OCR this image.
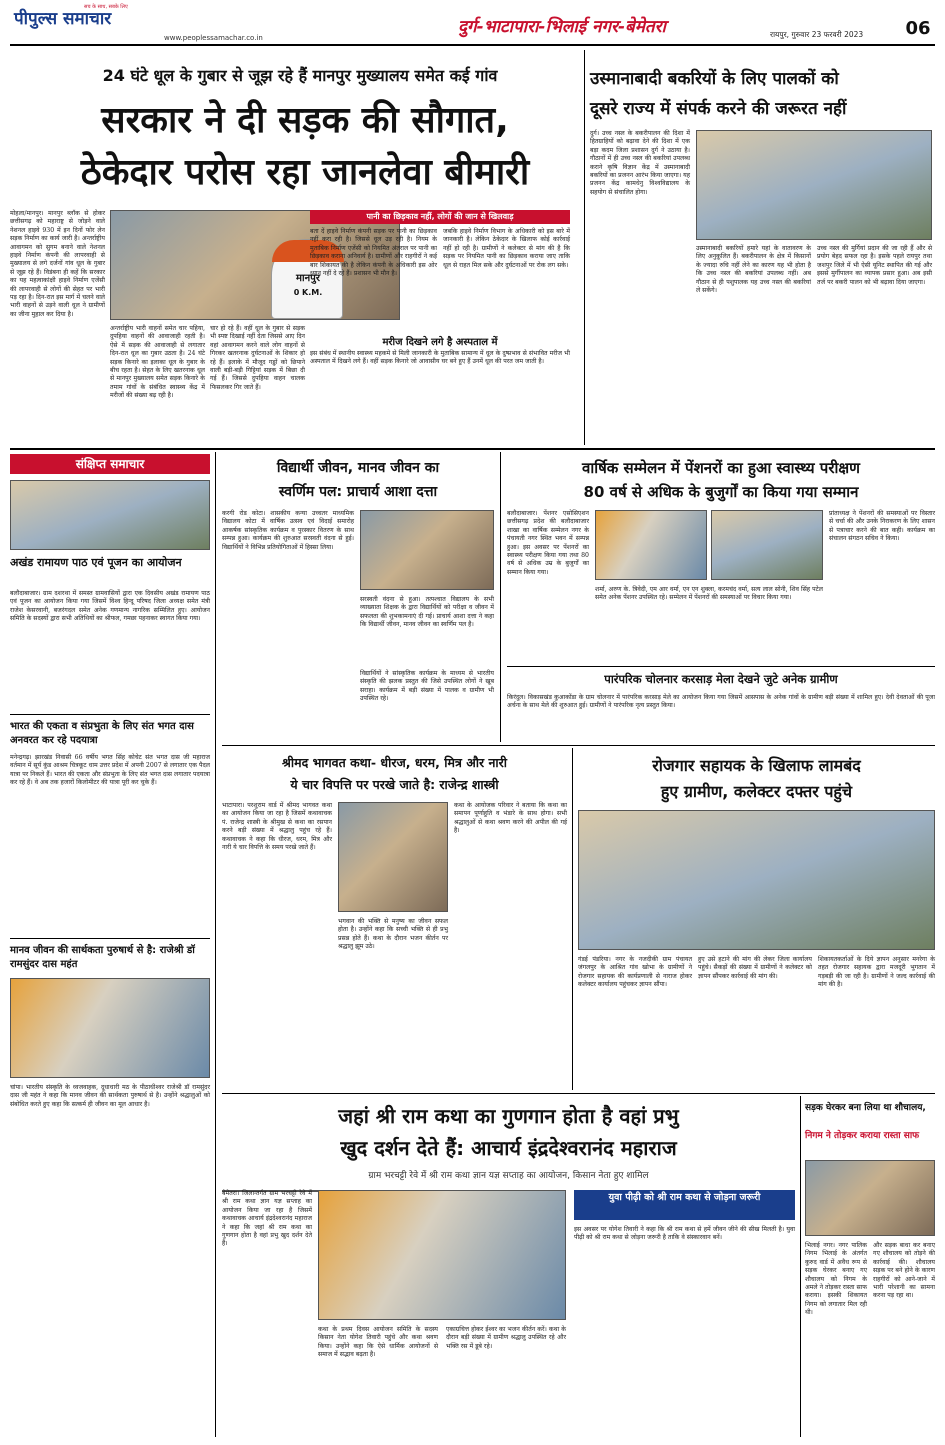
पीपुल्स समाचार
सच के साथ, सबके लिए
www.peoplessamachar.co.in
दुर्ग-भाटापारा-भिलाई नगर-बेमेतरा	रायपुर, गुरुवार 23 फरवरी 2023	06
24 घंटे धूल के गुबार से जूझ रहे हैं मानपुर मुख्यालय समेत कई गांव
सरकार ने दी सड़क की सौगात,
ठेकेदार परोस रहा जानलेवा बीमारी
मोहला/मानपुर। मानपुर ब्लॉक से होकर छत्तीसगढ़ को महाराष्ट्र से जोड़ने वाले नेशनल हाइवे 930 में इन दिनों फोर लेन सड़क निर्माण का कार्य जारी है। अन्तर्राष्ट्रीय आवागमन को सुगम बनाने वाले नेशनल हाइवे निर्माण कंपनी की लापरवाही से मुख्यालय से लगे दर्जनों गांव धूल के गुबार से जूझ रहे हैं। विडंबना ही कहें कि सरकार का यह महत्वाकांक्षी हाइवे निर्माण एजेंसी की लापरवाही से लोगों की सेहत पर भारी पड़ रहा है। दिन-रात इस मार्ग में चलने वाले भारी वाहनों से उड़ने वाली धूल ने ग्रामीणों का जीना मुहाल कर दिया है।
मानपुर
0 K.M.
अन्तर्राष्ट्रीय भारी वाहनों समेत चार पहिया, दुपहिया वाहनों की आवाजाही रहती है। ऐसे में सड़क की आवाजाही से लगातार दिन-रात धूल का गुबार उठता है। 24 घंटे सड़क किनारे का इलाका धूल के गुबार के बीच रहता है। सेहत के लिए खतरनाक धूल से मानपुर मुख्यालय समेत सड़क किनारे के तमाम गांवों के संबंधित स्वास्थ्य केंद्र में मरीजों की संख्या बढ़ रही है।
चार हो रहे हैं। वहीं धूल के गुबार से सड़क भी स्पष्ट दिखाई नहीं देता जिससे आए दिन वहां आवागमन करने वाले लोग वाहनों से गिरकर खतरनाक दुर्घटनाओं के शिकार हो रहे हैं। इलाके में मौजूद गड्ढों को छिपाने वाली बड़ी-बड़ी गिट्टियां सड़क में बिछा दी गई हैं। जिससे दुपहिया वाहन चालक फिसलकर गिर जाते हैं।
पानी का छिड़काव नहीं, लोगों की जान से खिलवाड़
बता दें हाइवे निर्माण कंपनी सड़क पर पानी का छिड़काव नहीं करा रही है। जिससे धूल उड़ रही है। नियम के मुताबिक निर्माण एजेंसी को नियमित अंतराल पर पानी का छिड़काव कराना अनिवार्य है। ग्रामीणों और राहगीरों ने कई बार शिकायत की है लेकिन कंपनी के अधिकारी इस ओर ध्यान नहीं दे रहे हैं। प्रशासन भी मौन है।
जबकि हाइवे निर्माण विभाग के अधिकारी को इस बारे में जानकारी है। लेकिन ठेकेदार के खिलाफ कोई कार्रवाई नहीं हो रही है। ग्रामीणों ने कलेक्टर से मांग की है कि सड़क पर नियमित पानी का छिड़काव कराया जाए ताकि धूल से राहत मिल सके और दुर्घटनाओं पर रोक लग सके।
मरीज दिखने लगे है अस्पताल में
इस संबंध में स्थानीय स्वास्थ्य महकमे से मिली जानकारी के मुताबिक सामान्य में धूल के दुष्प्रभाव से संभावित मरीज भी अस्पताल में दिखने लगे हैं। वहीं सड़क किनारे जो आवासीय घर बने हुए हैं उनमें धूल की परत जम जाती है।
उस्मानाबादी बकरियों के लिए पालकों को
दूसरे राज्य में संपर्क करने की जरूरत नहीं
दुर्ग। उच्च नस्ल के बकरीपालन की दिशा में हितग्राहियों को बढ़ावा देने की दिशा में एक बड़ा कदम जिला प्रशासन दुर्ग ने उठाया है। गौठानों में ही उच्च नस्ल की बकरियां उपलब्ध कराने कृषि विज्ञान केंद्र में उस्मानाबादी बकरियों का प्रजनन आरंभ किया जाएगा। यह प्रजनन केंद्र कामधेनु विश्वविद्यालय के सहयोग से संचालित होगा।
उस्मानाबादी बकरियों हमारे यहां के वातावरण के लिए अनुकूलित हैं। बकरीपालन के क्षेत्र में किसानों के ज्यादा रुचि नहीं लेने का कारण यह भी होता है कि उच्च नस्ल की बकरियां उपलब्ध नहीं। अब गौठान से ही पशुपालक यह उच्च नस्ल की बकरियां ले सकेंगे।
उच्च नस्ल की मुर्गियां प्रदान की जा रही हैं और से प्रयोग बेहद सफल रहा है। इसके पहले रायपुर तथा जशपुर जिले में भी ऐसी यूनिट स्थापित की गई और इससे मुर्गीपालन का व्यापक प्रसार हुआ। अब इसी तर्ज पर बकरी पालन को भी बढ़ावा दिया जाएगा।
संक्षिप्त समाचार
अखंड रामायण पाठ एवं पूजन का आयोजन
बलौदाबाजार। ग्राम दशरथा में समस्त ग्रामवासियों द्वारा एक दिवसीय अखंड रामायण पाठ एवं पूजन का आयोजन किया गया जिसमें विश्व हिन्दू परिषद जिला अध्यक्ष समेत मंत्री राजेश केसरवानी, बजरंगदल समेत अनेक गणमान्य नागरिक सम्मिलित हुए। आयोजन समिति के सदस्यों द्वारा सभी अतिथियों का श्रीफल, गमछा पहनाकर स्वागत किया गया।
भारत की एकता व संप्रभुता के लिए संत भगत दास अनवरत कर रहे पदयात्रा
मनेन्द्रगढ़। झारखंड निवासी 66 वर्षीय भगत सिंह कोचेट संत भगत दास जी महाराज वर्तमान में सूर्य कुंड आश्रम चित्रकूट धाम उत्तर प्रदेश में अपनी 2007 से लगातार एक पैदल यात्रा पर निकले हैं। भारत की एकता और संप्रभुता के लिए संत भगत दास लगातार पदयात्रा कर रहे हैं। वे अब तक हजारों किलोमीटर की यात्रा पूरी कर चुके हैं।
मानव जीवन की सार्थकता पुरुषार्थ से है: राजेश्री डॉ रामसुंदर दास महंत
चांपा। भारतीय संस्कृति के ध्वजवाहक, दूधाधारी मठ के पीठाधीश्वर राजेश्री डॉ रामसुंदर दास जी महंत ने कहा कि मानव जीवन की सार्थकता पुरुषार्थ से है। उन्होंने श्रद्धालुओं को संबोधित करते हुए कहा कि सत्कर्म ही जीवन का मूल आधार है।
विद्यार्थी जीवन, मानव जीवन का
स्वर्णिम पल: प्राचार्य आशा दत्ता
करगी रोड कोटा। शासकीय कन्या उच्चतर माध्यमिक विद्यालय कोटा में वार्षिक उत्सव एवं विदाई समारोह आकर्षक सांस्कृतिक कार्यक्रम व पुरस्कार वितरण के साथ सम्पन्न हुआ। कार्यक्रम की शुरुआत सरस्वती वंदना से हुई। विद्यार्थियों ने विभिन्न प्रतियोगिताओं में हिस्सा लिया।
सरस्वती वंदना से हुआ। तत्पश्चात विद्यालय के सभी व्याख्याता शिक्षक के द्वारा विद्यार्थियों को परीक्षा व जीवन में सफलता की शुभकामनाएं दी गई। प्राचार्य आशा दत्ता ने कहा कि विद्यार्थी जीवन, मानव जीवन का स्वर्णिम पल है।
विद्यार्थियों ने सांस्कृतिक कार्यक्रम के माध्यम से भारतीय संस्कृति की झलक प्रस्तुत की जिसे उपस्थित लोगों ने खूब सराहा। कार्यक्रम में बड़ी संख्या में पालक व ग्रामीण भी उपस्थित रहे।
वार्षिक सम्मेलन में पेंशनरों का हुआ स्वास्थ्य परीक्षण
80 वर्ष से अधिक के बुजुर्गों का किया गया सम्मान
बलौदाबाजार। पेंशनर एसोसिएशन छत्तीसगढ़ प्रदेश की बलौदाबाजार शाखा का वार्षिक सम्मेलन नगर के पंचायती नगर स्थित भवन में सम्पन्न हुआ। इस अवसर पर पेंशनरों का स्वास्थ्य परीक्षण किया गया तथा 80 वर्ष से अधिक उम्र के बुजुर्गों का सम्मान किया गया।
शर्मा, अरुण के. त्रिवेदी, एम आर वर्मा, एन एन शुक्ला, करमचंद वर्मा, सत्य लाल सोनी, शिव सिंह पटेल समेत अनेक पेंशनर उपस्थित रहे। सम्मेलन में पेंशनरों की समस्याओं पर विचार किया गया।
प्रांताध्यक्ष ने पेंशनरों की समस्याओं पर विस्तार से चर्चा की और उनके निराकरण के लिए शासन से पत्राचार करने की बात कही। कार्यक्रम का संचालन संगठन सचिव ने किया।
पारंपरिक चोलनार करसाड़ मेला देखने जुटे अनेक ग्रामीण
किरंदुल। विकासखंड कुआकोंडा के ग्राम चोलनार में पारंपरिक करसाड़ मेले का आयोजन किया गया जिसमें आसपास के अनेक गांवों के ग्रामीण बड़ी संख्या में शामिल हुए। देवी देवताओं की पूजा अर्चना के साथ मेले की शुरुआत हुई। ग्रामीणों ने पारंपरिक नृत्य प्रस्तुत किया।
श्रीमद भागवत कथा- धीरज, धरम, मित्र और नारी
ये चार विपत्ति पर परखे जाते है: राजेन्द्र शास्त्री
भाटापारा। परशुराम वार्ड में श्रीमद भागवत कथा का आयोजन किया जा रहा है जिसमें कथावाचक पं. राजेन्द्र शास्त्री के श्रीमुख से कथा का रसपान करने बड़ी संख्या में श्रद्धालु पहुंच रहे हैं। कथावाचक ने कहा कि धीरज, धरम, मित्र और नारी ये चार विपत्ति के समय परखे जाते हैं।
भगवान की भक्ति से मनुष्य का जीवन सफल होता है। उन्होंने कहा कि सच्ची भक्ति से ही प्रभु प्रसन्न होते हैं। कथा के दौरान भजन कीर्तन पर श्रद्धालु झूम उठे।
कथा के आयोजक परिवार ने बताया कि कथा का समापन पूर्णाहुति व भंडारे के साथ होगा। सभी श्रद्धालुओं से कथा श्रवण करने की अपील की गई है।
रोजगार सहायक के खिलाफ लामबंद
हुए ग्रामीण, कलेक्टर दफ्तर पहुंचे
गंडई पंडरिया। नगर के नजदीकी ग्राम पंचायत जंगलपुर के आश्रित गांव खोभा के ग्रामीणों ने रोजगार सहायक की कार्यप्रणाली से नाराज होकर कलेक्टर कार्यालय पहुंचकर ज्ञापन सौंपा।
हुए उसे हटाने की मांग की लेकर जिला कार्यालय पहुंचे। सैकड़ों की संख्या में ग्रामीणों ने कलेक्टर को ज्ञापन सौंपकर कार्रवाई की मांग की।
शिकायतकर्ताओं के दिये ज्ञापन अनुसार मनरेगा के तहत रोजगार सहायक द्वारा मजदूरी भुगतान में गड़बड़ी की जा रही है। ग्रामीणों ने जल्द कार्रवाई की मांग की है।
जहां श्री राम कथा का गुणगान होता है वहां प्रभु
खुद दर्शन देते हैं: आचार्य इंद्रदेश्वरानंद महाराज
ग्राम भरचट्टी रेवे में श्री राम कथा ज्ञान यज्ञ सप्ताह का आयोजन, किसान नेता हुए शामिल
बेमेतरा। जिलान्तर्गत ग्राम भरचट्टी रेवे में श्री राम कथा ज्ञान यज्ञ सप्ताह का आयोजन किया जा रहा है जिसमें कथावाचक आचार्य इंद्रदेश्वरानंद महाराज ने कहा कि जहां श्री राम कथा का गुणगान होता है वहां प्रभु खुद दर्शन देते हैं।
कथा के प्रथम दिवस आयोजन समिति के सदस्य किसान नेता योगेश तिवारी पहुंचे और कथा श्रवण किया। उन्होंने कहा कि ऐसे धार्मिक आयोजनों से समाज में सद्भाव बढ़ता है।
एकाग्रचित्त होकर ईश्वर का भजन कीर्तन करें। कथा के दौरान बड़ी संख्या में ग्रामीण श्रद्धालु उपस्थित रहे और भक्ति रस में डूबे रहे।
युवा पीढ़ी को श्री राम कथा से जोड़ना जरूरी
इस अवसर पर योगेश तिवारी ने कहा कि श्री राम कथा से हमें जीवन जीने की सीख मिलती है। युवा पीढ़ी को श्री राम कथा से जोड़ना जरूरी है ताकि वे संस्कारवान बनें।
सड़क घेरकर बना लिया था शौचालय,
निगम ने तोड़कर कराया रास्ता साफ
भिलाई नगर। नगर पालिक निगम भिलाई के अंतर्गत कुरुद वार्ड में अवैध रूप से सड़क घेरकर बनाए गए शौचालय को निगम के अमले ने तोड़कर रास्ता साफ कराया। इसकी शिकायत निगम को लगातार मिल रही थी।
और सड़क बाधा कर बनाए गए शौचालय को तोड़ने की कार्रवाई की। शौचालय सड़क पर बने होने के कारण राहगीरों को आने-जाने में भारी परेशानी का सामना करना पड़ रहा था।
